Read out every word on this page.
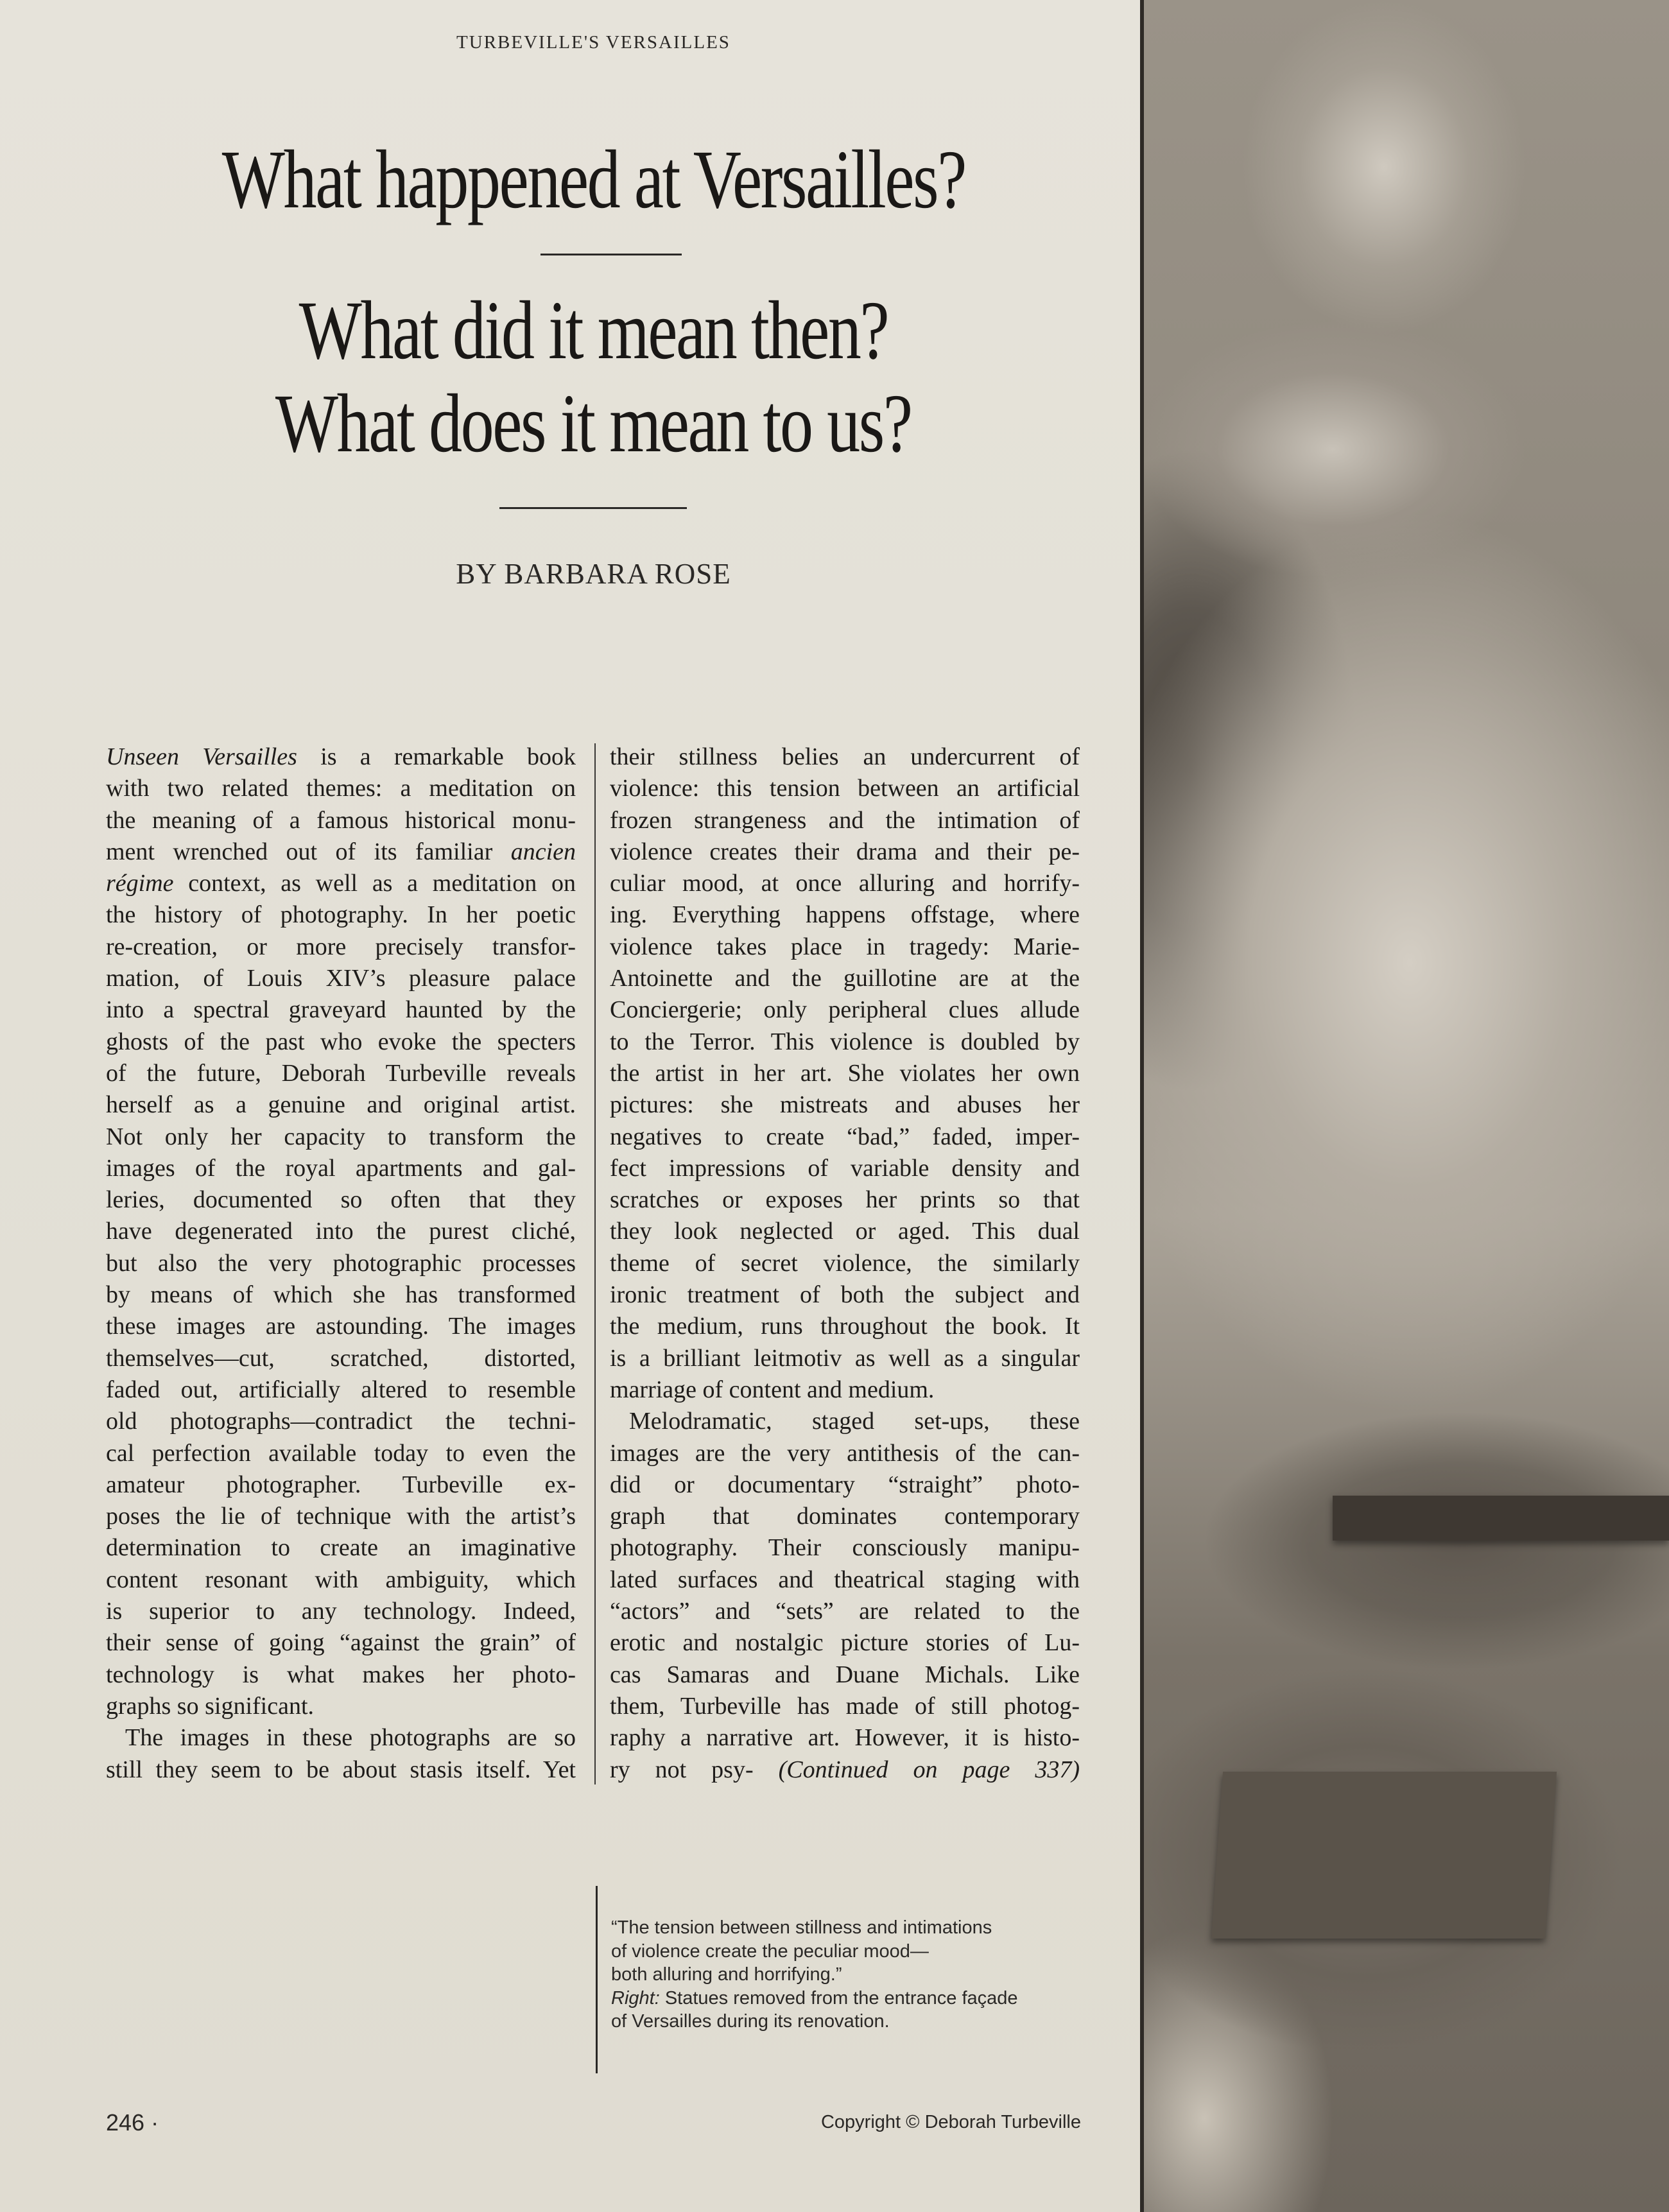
TURBEVILLE'S VERSAILLES
What happened at Versailles?
What did it mean then?
What does it mean to us?
BY BARBARA ROSE
Unseen Versailles is a remarkable book
with two related themes: a meditation on
the meaning of a famous historical monu-
ment wrenched out of its familiar ancien
régime context, as well as a meditation on
the history of photography. In her poetic
re-creation, or more precisely transfor-
mation, of Louis XIV’s pleasure palace
into a spectral graveyard haunted by the
ghosts of the past who evoke the specters
of the future, Deborah Turbeville reveals
herself as a genuine and original artist.
Not only her capacity to transform the
images of the royal apartments and gal-
leries, documented so often that they
have degenerated into the purest cliché,
but also the very photographic processes
by means of which she has transformed
these images are astounding. The images
themselves—cut, scratched, distorted,
faded out, artificially altered to resemble
old photographs—contradict the techni-
cal perfection available today to even the
amateur photographer. Turbeville ex-
poses the lie of technique with the artist’s
determination to create an imaginative
content resonant with ambiguity, which
is superior to any technology. Indeed,
their sense of going “against the grain” of
technology is what makes her photo-
graphs so significant.
The images in these photographs are so
still they seem to be about stasis itself. Yet
their stillness belies an undercurrent of
violence: this tension between an artificial
frozen strangeness and the intimation of
violence creates their drama and their pe-
culiar mood, at once alluring and horrify-
ing. Everything happens offstage, where
violence takes place in tragedy: Marie-
Antoinette and the guillotine are at the
Conciergerie; only peripheral clues allude
to the Terror. This violence is doubled by
the artist in her art. She violates her own
pictures: she mistreats and abuses her
negatives to create “bad,” faded, imper-
fect impressions of variable density and
scratches or exposes her prints so that
they look neglected or aged. This dual
theme of secret violence, the similarly
ironic treatment of both the subject and
the medium, runs throughout the book. It
is a brilliant leitmotiv as well as a singular
marriage of content and medium.
Melodramatic, staged set-ups, these
images are the very antithesis of the can-
did or documentary “straight” photo-
graph that dominates contemporary
photography. Their consciously manipu-
lated surfaces and theatrical staging with
“actors” and “sets” are related to the
erotic and nostalgic picture stories of Lu-
cas Samaras and Duane Michals. Like
them, Turbeville has made of still photog-
raphy a narrative art. However, it is histo-
ry not psy- (Continued on page 337)
“The tension between stillness and intimations
of violence create the peculiar mood—
both alluring and horrifying.”
Right: Statues removed from the entrance façade
of Versailles during its renovation.
246 ·	Copyright © Deborah Turbeville
